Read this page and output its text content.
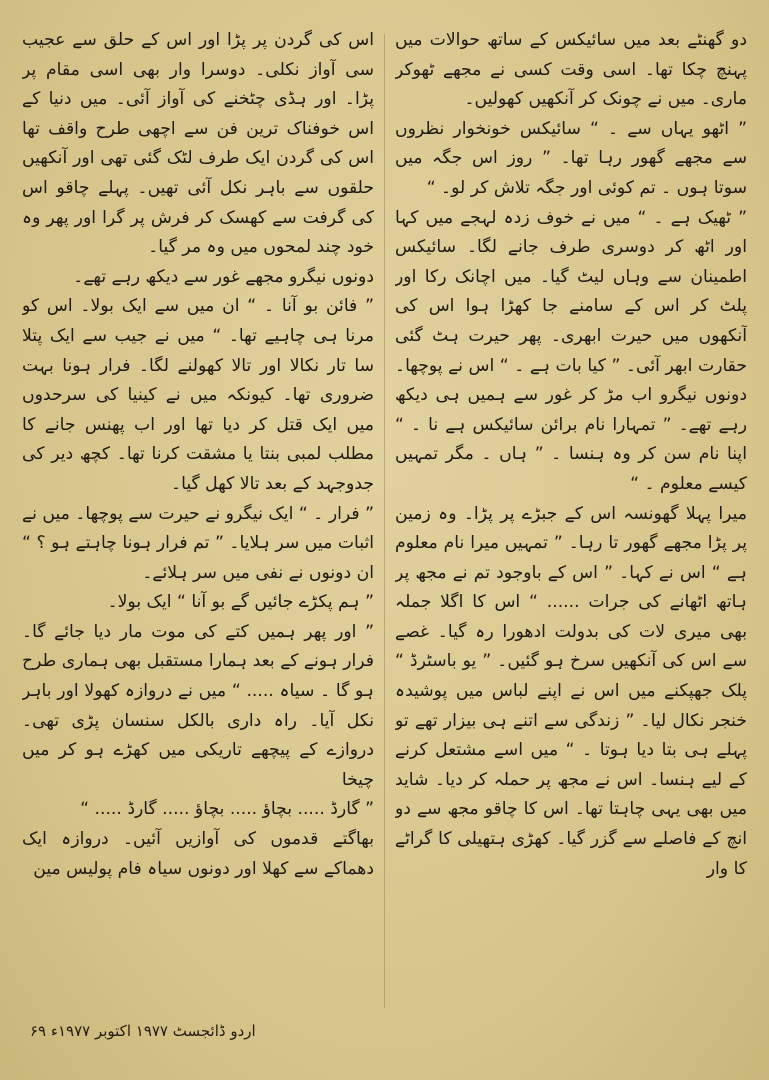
دو گھنٹے بعد میں سائیکس کے ساتھ حوالات میں پہنچ چکا تھا۔ اسی وقت کسی نے مجھے ٹھوکر ماری۔ میں نے چونک کر آنکھیں کھولیں۔

” اٹھو یہاں سے ۔ “ سائیکس خونخوار نظروں سے مجھے گھور رہا تھا۔ ” روز اس جگہ میں سوتا ہوں ۔ تم کوئی اور جگہ تلاش کر لو۔ “

” ٹھیک ہے ۔ “ میں نے خوف زدہ لہجے میں کہا اور اٹھ کر دوسری طرف جانے لگا۔ سائیکس اطمینان سے وہاں لیٹ گیا۔ میں اچانک رکا اور پلٹ کر اس کے سامنے جا کھڑا ہوا اس کی آنکھوں میں حیرت ابھری۔ پھر حیرت ہٹ گئی حقارت ابھر آئی۔ ” کیا بات ہے ۔ “ اس نے پوچھا۔ دونوں نیگرو اب مڑ کر غور سے ہمیں ہی دیکھ رہے تھے۔ ” تمہارا نام برائن سائیکس ہے نا ۔ “ اپنا نام سن کر وہ ہنسا ۔ ” ہاں ۔ مگر تمہیں کیسے معلوم ۔ “

میرا پہلا گھونسہ اس کے جبڑے پر پڑا۔ وہ زمین پر پڑا مجھے گھور تا رہا۔ ” تمہیں میرا نام معلوم ہے “ اس نے کہا۔ ” اس کے باوجود تم نے مجھ پر ہاتھ اٹھانے کی جرات ...... “ اس کا اگلا جملہ بھی میری لات کی بدولت ادھورا رہ گیا۔ غصے سے اس کی آنکھیں سرخ ہو گئیں۔ ” یو باسٹرڈ “ پلک جھپکنے میں اس نے اپنے لباس میں پوشیدہ خنجر نکال لیا۔ ” زندگی سے اتنے ہی بیزار تھے تو پہلے ہی بتا دیا ہوتا ۔ “ میں اسے مشتعل کرنے کے لیے ہنسا۔ اس نے مجھ پر حملہ کر دیا۔ شاید میں بھی یہی چاہتا تھا۔ اس کا چاقو مجھ سے دو انچ کے فاصلے سے گزر گیا۔ کھڑی ہتھیلی کا گراٹے کا وار

اس کی گردن پر پڑا اور اس کے حلق سے عجیب سی آواز نکلی۔ دوسرا وار بھی اسی مقام پر پڑا۔ اور ہڈی چٹخنے کی آواز آئی۔ میں دنیا کے اس خوفناک ترین فن سے اچھی طرح واقف تھا اس کی گردن ایک طرف لٹک گئی تھی اور آنکھیں حلقوں سے باہر نکل آئی تھیں۔ پہلے چاقو اس کی گرفت سے کھسک کر فرش پر گرا اور پھر وہ خود چند لمحوں میں وہ مر گیا۔

دونوں نیگرو مجھے غور سے دیکھ رہے تھے۔

” فائن بو آنا ۔ “ ان میں سے ایک بولا۔ اس کو مرنا ہی چاہیے تھا۔ “ میں نے جیب سے ایک پتلا سا تار نکالا اور تالا کھولنے لگا۔ فرار ہونا بہت ضروری تھا۔ کیونکہ میں نے کینیا کی سرحدوں میں ایک قتل کر دیا تھا اور اب پھنس جانے کا مطلب لمبی بنتا یا مشقت کرنا تھا۔ کچھ دیر کی جدوجہد کے بعد تالا کھل گیا۔

” فرار ۔ “ ایک نیگرو نے حیرت سے پوچھا۔ میں نے اثبات میں سر ہلایا۔ ” تم فرار ہونا چاہتے ہو ؟ “ ان دونوں نے نفی میں سر ہلائے۔

” ہم پکڑے جائیں گے بو آنا “ ایک بولا۔

” اور پھر ہمیں کتے کی موت مار دیا جائے گا۔ فرار ہونے کے بعد ہمارا مستقبل بھی ہماری طرح ہو گا ۔ سیاہ ..... “ میں نے دروازہ کھولا اور باہر نکل آیا۔ راہ داری بالکل سنسان پڑی تھی۔ دروازے کے پیچھے تاریکی میں کھڑے ہو کر میں چیخا

” گارڈ ..... بچاؤ ..... بچاؤ ..... گارڈ ..... “

بھاگتے قدموں کی آوازیں آئیں۔ دروازہ ایک دھماکے سے کھلا اور دونوں سیاہ فام پولیس مین

اردو ڈائجسٹ ۱۹۷۷ اکتوبر ۱۹۷۷ء ۶۹
